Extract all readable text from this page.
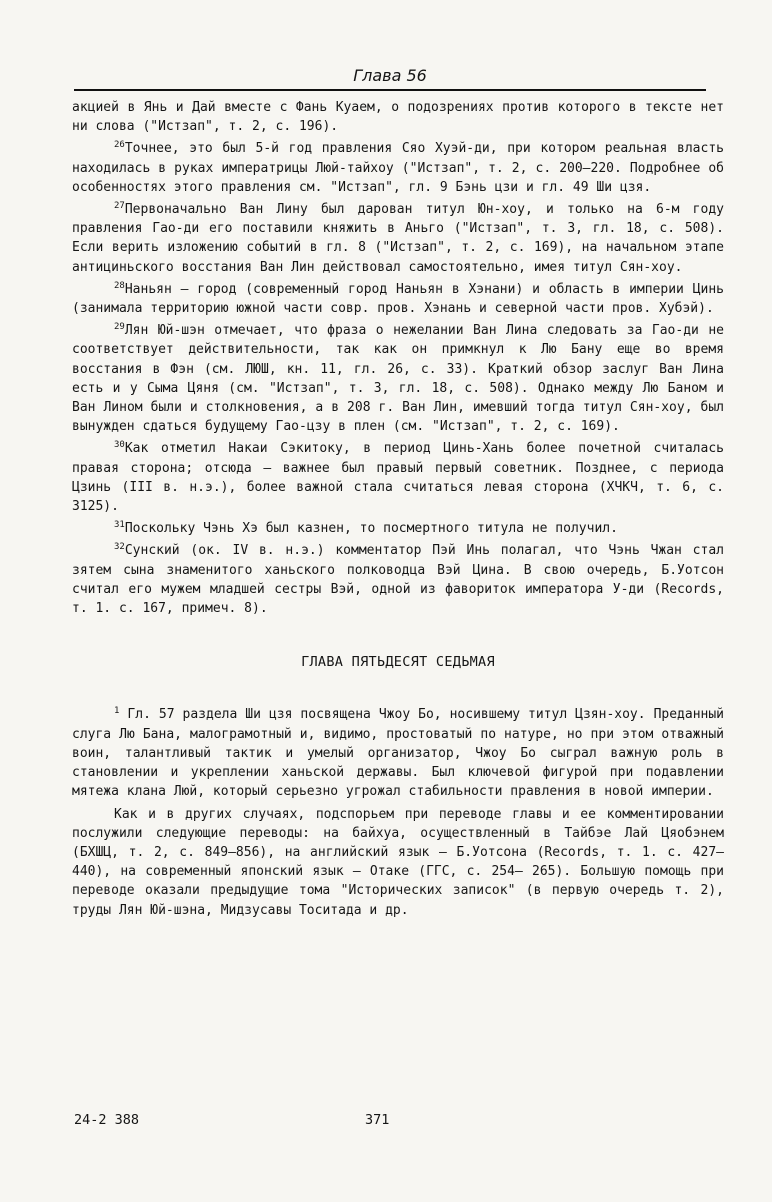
Глава 56

акцией в Янь и Дай вместе с Фань Куаем, о подозрениях против которого в тексте нет ни слова ("Истзап", т. 2, с. 196).

$^{26}$Точнее, это был 5-й год правления Сяо Хуэй-ди, при котором реальная власть находилась в руках императрицы Люй-тайхоу ("Истзап", т. 2, с. 200–220. Подробнее об особенностях этого правления см. "Истзап", гл. 9 Бэнь цзи и гл. 49 Ши цзя.

$^{27}$Первоначально Ван Лину был дарован титул Юн-хоу, и только на 6-м году правления Гао-ди его поставили княжить в Аньго ("Истзап", т. 3, гл. 18, с. 508). Если верить изложению событий в гл. 8 ("Истзап", т. 2, с. 169), на начальном этапе антициньского восстания Ван Лин действовал самостоятельно, имея титул Сян-хоу.

$^{28}$Наньян — город (современный город Наньян в Хэнани) и область в империи Цинь (занимала территорию южной части совр. пров. Хэнань и северной части пров. Хубэй).

$^{29}$Лян Юй-шэн отмечает, что фраза о нежелании Ван Лина следовать за Гао-ди не соответствует действительности, так как он примкнул к Лю Бану еще во время восстания в Фэн (см. ЛЮШ, кн. 11, гл. 26, с. 33). Краткий обзор заслуг Ван Лина есть и у Сыма Цяня (см. "Истзап", т. 3, гл. 18, с. 508). Однако между Лю Баном и Ван Лином были и столкновения, а в 208 г. Ван Лин, имевший тогда титул Сян-хоу, был вынужден сдаться будущему Гао-цзу в плен (см. "Истзап", т. 2, с. 169).

$^{30}$Как отметил Накаи Сэкитоку, в период Цинь-Хань более почетной считалась правая сторона; отсюда — важнее был правый первый советник. Позднее, с периода Цзинь (III в. н.э.), более важной стала считаться левая сторона (ХЧКЧ, т. 6, с. 3125).

$^{31}$Поскольку Чэнь Хэ был казнен, то посмертного титула не получил.

$^{32}$Сунский (ок. IV в. н.э.) комментатор Пэй Инь полагал, что Чэнь Чжан стал зятем сына знаменитого ханьского полководца Вэй Цина. В свою очередь, Б.Уотсон считал его мужем младшей сестры Вэй, одной из фавориток императора У-ди (Records, т. 1. с. 167, примеч. 8).

ГЛАВА ПЯТЬДЕСЯТ СЕДЬМАЯ

$^1$ Гл. 57 раздела Ши цзя посвящена Чжоу Бо, носившему титул Цзян-хоу. Преданный слуга Лю Бана, малограмотный и, видимо, простоватый по натуре, но при этом отважный воин, талантливый тактик и умелый организатор, Чжоу Бо сыграл важную роль в становлении и укреплении ханьской державы. Был ключевой фигурой при подавлении мятежа клана Люй, который серьезно угрожал стабильности правления в новой империи.

Как и в других случаях, подспорьем при переводе главы и ее комментировании послужили следующие переводы: на байхуа, осуществленный в Тайбэе Лай Цяобэнем (БХШЦ, т. 2, с. 849–856), на английский язык — Б.Уотсона (Records, т. 1. с. 427–440), на современный японский язык — Отаке (ГГС, с. 254– 265). Большую помощь при переводе оказали предыдущие тома "Исторических записок" (в первую очередь т. 2), труды Лян Юй-шэна, Мидзусавы Тоситада и др.

24-2 388	371
